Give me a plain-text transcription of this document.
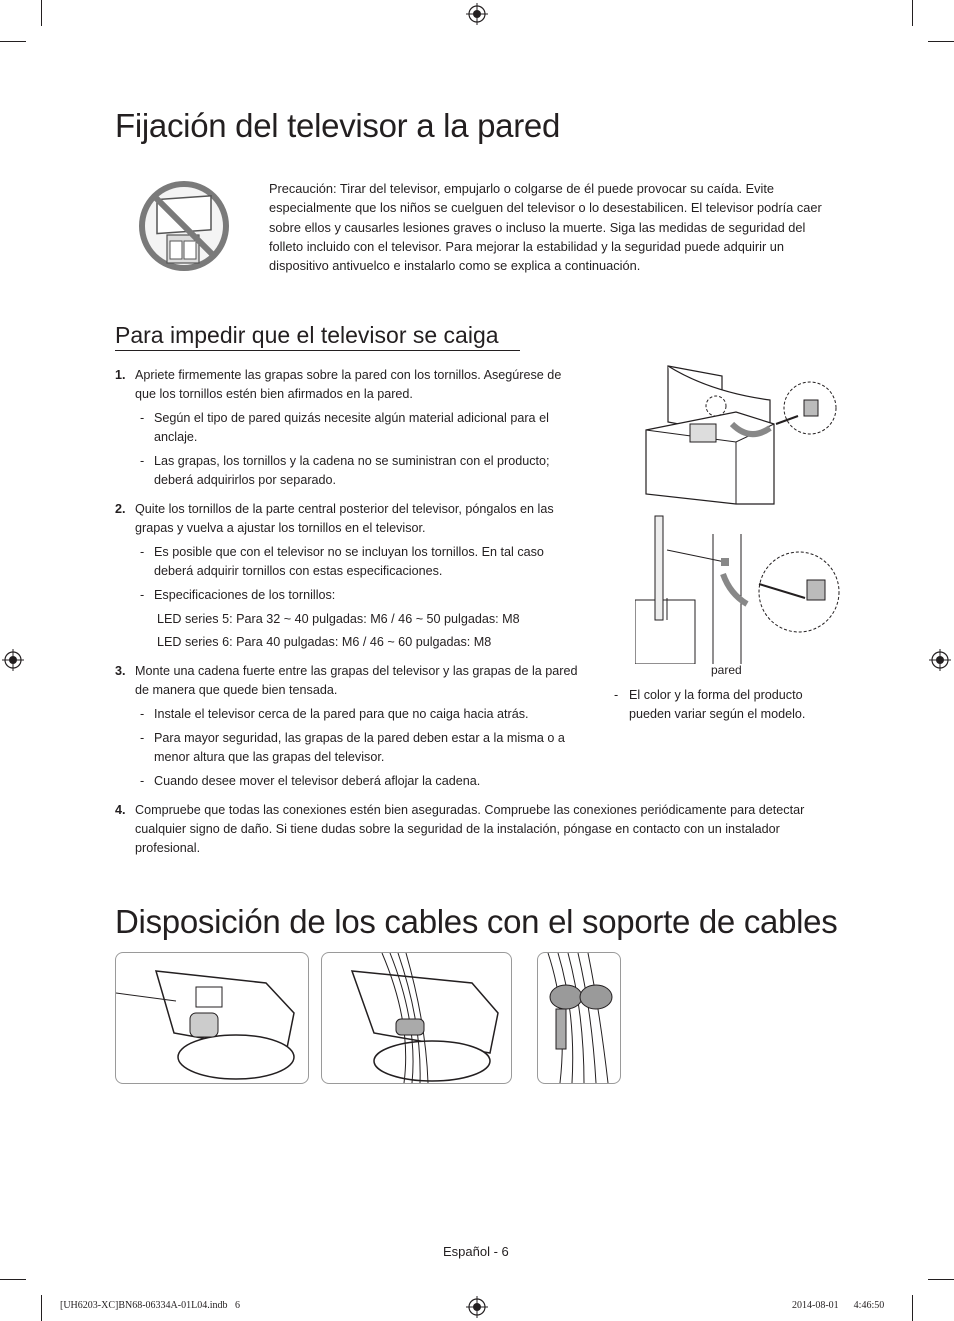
Fijación del televisor a la pared
Precaución: Tirar del televisor, empujarlo o colgarse de él puede provocar su caída. Evite especialmente que los niños se cuelguen del televisor o lo desestabilicen. El televisor podría caer sobre ellos y causarles lesiones graves o incluso la muerte. Siga las medidas de seguridad del folleto incluido con el televisor. Para mejorar la estabilidad y la seguridad puede adquirir un dispositivo antivuelco e instalarlo como se explica a continuación.
Para impedir que el televisor se caiga
1. Apriete firmemente las grapas sobre la pared con los tornillos. Asegúrese de que los tornillos estén bien afirmados en la pared.
- Según el tipo de pared quizás necesite algún material adicional para el anclaje.
- Las grapas, los tornillos y la cadena no se suministran con el producto; deberá adquirirlos por separado.
2. Quite los tornillos de la parte central posterior del televisor, póngalos en las grapas y vuelva a ajustar los tornillos en el televisor.
- Es posible que con el televisor no se incluyan los tornillos. En tal caso deberá adquirir tornillos con estas especificaciones.
- Especificaciones de los tornillos:
LED series 5: Para 32 ~ 40 pulgadas: M6 / 46 ~ 50 pulgadas: M8
LED series 6: Para 40 pulgadas: M6 / 46 ~ 60 pulgadas: M8
3. Monte una cadena fuerte entre las grapas del televisor y las grapas de la pared de manera que quede bien tensada.
- Instale el televisor cerca de la pared para que no caiga hacia atrás.
- Para mayor seguridad, las grapas de la pared deben estar a la misma o a menor altura que las grapas del televisor.
- Cuando desee mover el televisor deberá aflojar la cadena.
4. Compruebe que todas las conexiones estén bien aseguradas. Compruebe las conexiones periódicamente para detectar cualquier signo de daño. Si tiene dudas sobre la seguridad de la instalación, póngase en contacto con un instalador profesional.
pared
- El color y la forma del producto pueden variar según el modelo.
Disposición de los cables con el soporte de cables
Español - 6
[UH6203-XC]BN68-06334A-01L04.indb   6	2014-08-01     4:46:50
